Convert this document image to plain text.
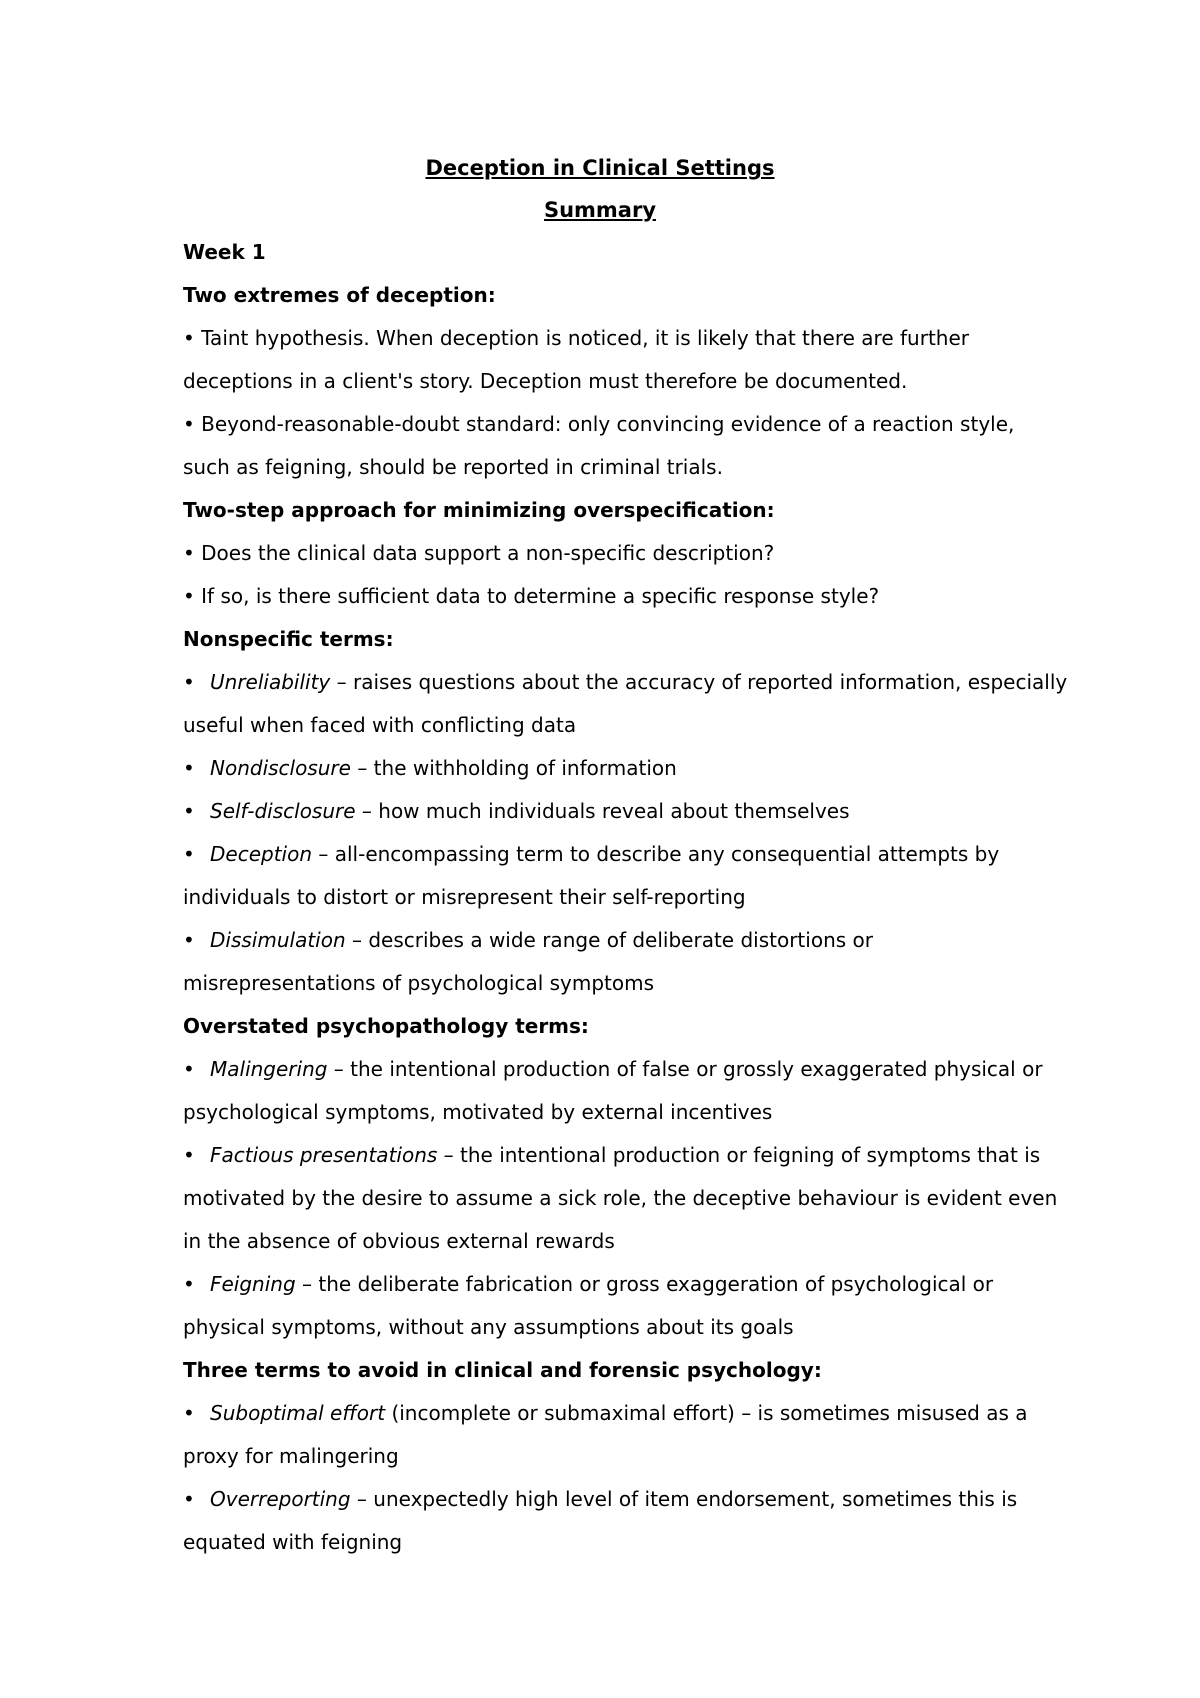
Deception in Clinical Settings
Summary
Week 1
Two extremes of deception:
• Taint hypothesis. When deception is noticed, it is likely that there are further
deceptions in a client's story. Deception must therefore be documented.
• Beyond-reasonable-doubt standard: only convincing evidence of a reaction style,
such as feigning, should be reported in criminal trials.
Two-step approach for minimizing overspecification:
• Does the clinical data support a non-specific description?
• If so, is there sufficient data to determine a specific response style?
Nonspecific terms:
• Unreliability – raises questions about the accuracy of reported information, especially
useful when faced with conflicting data
• Nondisclosure – the withholding of information
• Self-disclosure – how much individuals reveal about themselves
• Deception – all-encompassing term to describe any consequential attempts by
individuals to distort or misrepresent their self-reporting
• Dissimulation – describes a wide range of deliberate distortions or
misrepresentations of psychological symptoms
Overstated psychopathology terms:
• Malingering – the intentional production of false or grossly exaggerated physical or
psychological symptoms, motivated by external incentives
• Factious presentations – the intentional production or feigning of symptoms that is
motivated by the desire to assume a sick role, the deceptive behaviour is evident even
in the absence of obvious external rewards
• Feigning – the deliberate fabrication or gross exaggeration of psychological or
physical symptoms, without any assumptions about its goals
Three terms to avoid in clinical and forensic psychology:
• Suboptimal effort (incomplete or submaximal effort) – is sometimes misused as a
proxy for malingering
• Overreporting – unexpectedly high level of item endorsement, sometimes this is
equated with feigning
